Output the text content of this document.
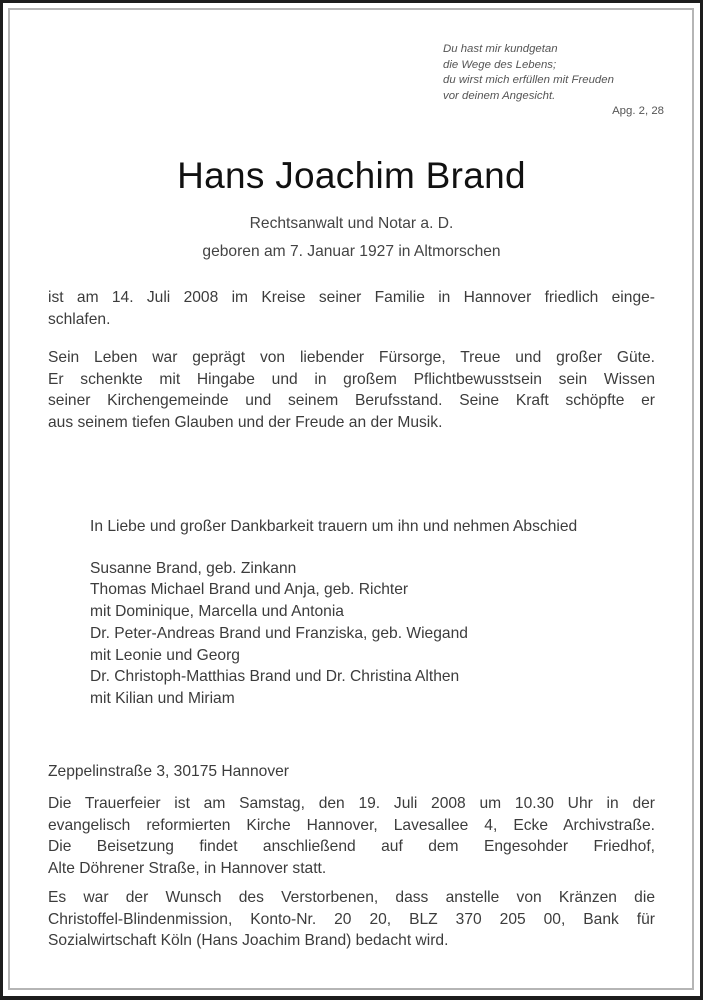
Du hast mir kundgetan
die Wege des Lebens;
du wirst mich erfüllen mit Freuden
vor deinem Angesicht.
Apg. 2, 28
Hans Joachim Brand
Rechtsanwalt und Notar a. D.
geboren am 7. Januar 1927 in Altmorschen
ist am 14. Juli 2008 im Kreise seiner Familie in Hannover friedlich einge-
schlafen.
Sein Leben war geprägt von liebender Fürsorge, Treue und großer Güte.
Er schenkte mit Hingabe und in großem Pflichtbewusstsein sein Wissen
seiner Kirchengemeinde und seinem Berufsstand. Seine Kraft schöpfte er
aus seinem tiefen Glauben und der Freude an der Musik.
In Liebe und großer Dankbarkeit trauern um ihn und nehmen Abschied
Susanne Brand, geb. Zinkann
Thomas Michael Brand und Anja, geb. Richter
mit Dominique, Marcella und Antonia
Dr. Peter-Andreas Brand und Franziska, geb. Wiegand
mit Leonie und Georg
Dr. Christoph-Matthias Brand und Dr. Christina Althen
mit Kilian und Miriam
Zeppelinstraße 3, 30175 Hannover
Die Trauerfeier ist am Samstag, den 19. Juli 2008 um 10.30 Uhr in der
evangelisch reformierten Kirche Hannover, Lavesallee 4, Ecke Archivstraße.
Die Beisetzung findet anschließend auf dem Engesohder Friedhof,
Alte Döhrener Straße, in Hannover statt.
Es war der Wunsch des Verstorbenen, dass anstelle von Kränzen die
Christoffel-Blindenmission, Konto-Nr. 20 20, BLZ 370 205 00, Bank für
Sozialwirtschaft Köln (Hans Joachim Brand) bedacht wird.
